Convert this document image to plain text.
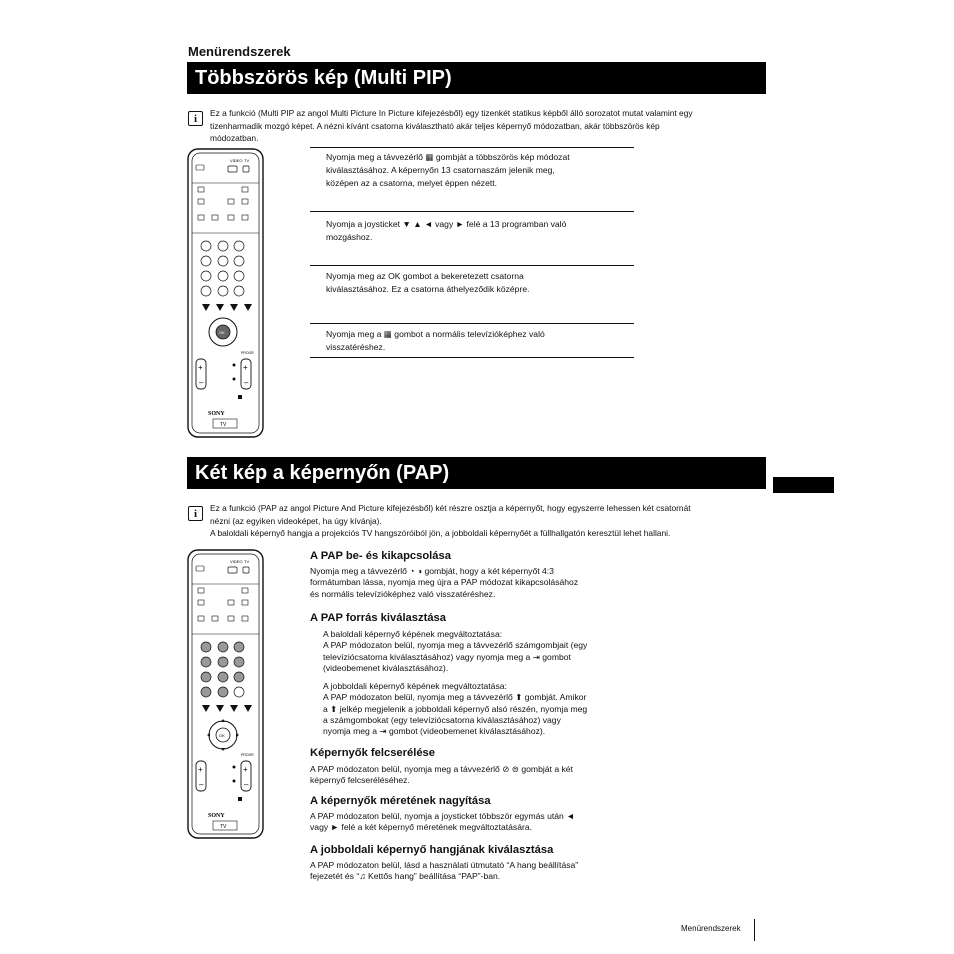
Menürendszerek
Többszörös kép (Multi PIP)
i	Ez a funkció (Multi PIP az angol Multi Picture In Picture kifejezésből) egy tizenkét statikus képből álló sorozatot mutat valamint egy
tizenharmadik mozgó képet. A nézni kívánt csatorna kiválasztható akár teljes képernyő módozatban, akár többszörös kép
módozatban.
Nyomja meg a távvezérlő ▦ gombját a többszörös kép módozat
kiválasztásához. A képernyőn 13 csatornaszám jelenik meg,
középen az a csatorna, melyet éppen nézett.
Nyomja a joysticket ▼ ▲ ◄ vagy ► felé a 13 programban való
mozgáshoz.
Nyomja meg az OK gombot a bekeretezett csatorna
kiválasztásához. Ez a csatorna áthelyeződik középre.
Nyomja meg a ▦ gombot a normális televízióképhez való
visszatéréshez.
VIDEO TV
OK
PROGR
+	+
–	–
SONY
TV
Két kép a képernyőn (PAP)
i	Ez a funkció (PAP az angol Picture And Picture kifejezésből) két részre osztja a képernyőt, hogy egyszerre lehessen két csatornát
nézni (az egyiken videoképet, ha úgy kívánja).
A baloldali képernyő hangja a projekciós TV hangszóróiból jön, a jobboldali képernyőét a füllhallgatón keresztül lehet hallani.
VIDEO TV
OK
PROGR
+	+
–	–
SONY
TV
A PAP be- és kikapcsolása
Nyomja meg a távvezérlő ◔ ◑ gombját, hogy a két képernyőt 4:3
formátumban lássa, nyomja meg újra a PAP módozat kikapcsolásához
és normális televízióképhez való visszatéréshez.
A PAP forrás kiválasztása
A baloldali képernyő képének megváltoztatása:
A PAP módozaton belül, nyomja meg a távvezérlő számgombjait (egy
televíziócsatorna kiválasztásához) vagy nyomja meg a ⇥ gombot
(videobemenet kiválasztásához).
A jobboldali képernyő képének megváltoztatása:
A PAP módozaton belül, nyomja meg a távvezérlő ⬆ gombját. Amikor
a ⬆ jelkép megjelenik a jobboldali képernyő alsó részén, nyomja meg
a számgombokat (egy televíziócsatorna kiválasztásához) vagy
nyomja meg a ⇥ gombot (videobemenet kiválasztásához).
Képernyők felcserélése
A PAP módozaton belül, nyomja meg a távvezérlő ⊘ ⊜ gombját a két
képernyő felcseréléséhez.
A képernyők méretének nagyítása
A PAP módozaton belül, nyomja a joysticket többször egymás után ◄
vagy ► felé a két képernyő méretének megváltoztatására.
A jobboldali képernyő hangjának kiválasztása
A PAP módozaton belül, lásd a használati útmutató “A hang beállítása”
fejezetét és “♫ Kettős hang” beállítása “PAP”-ban.
Menürendszerek
